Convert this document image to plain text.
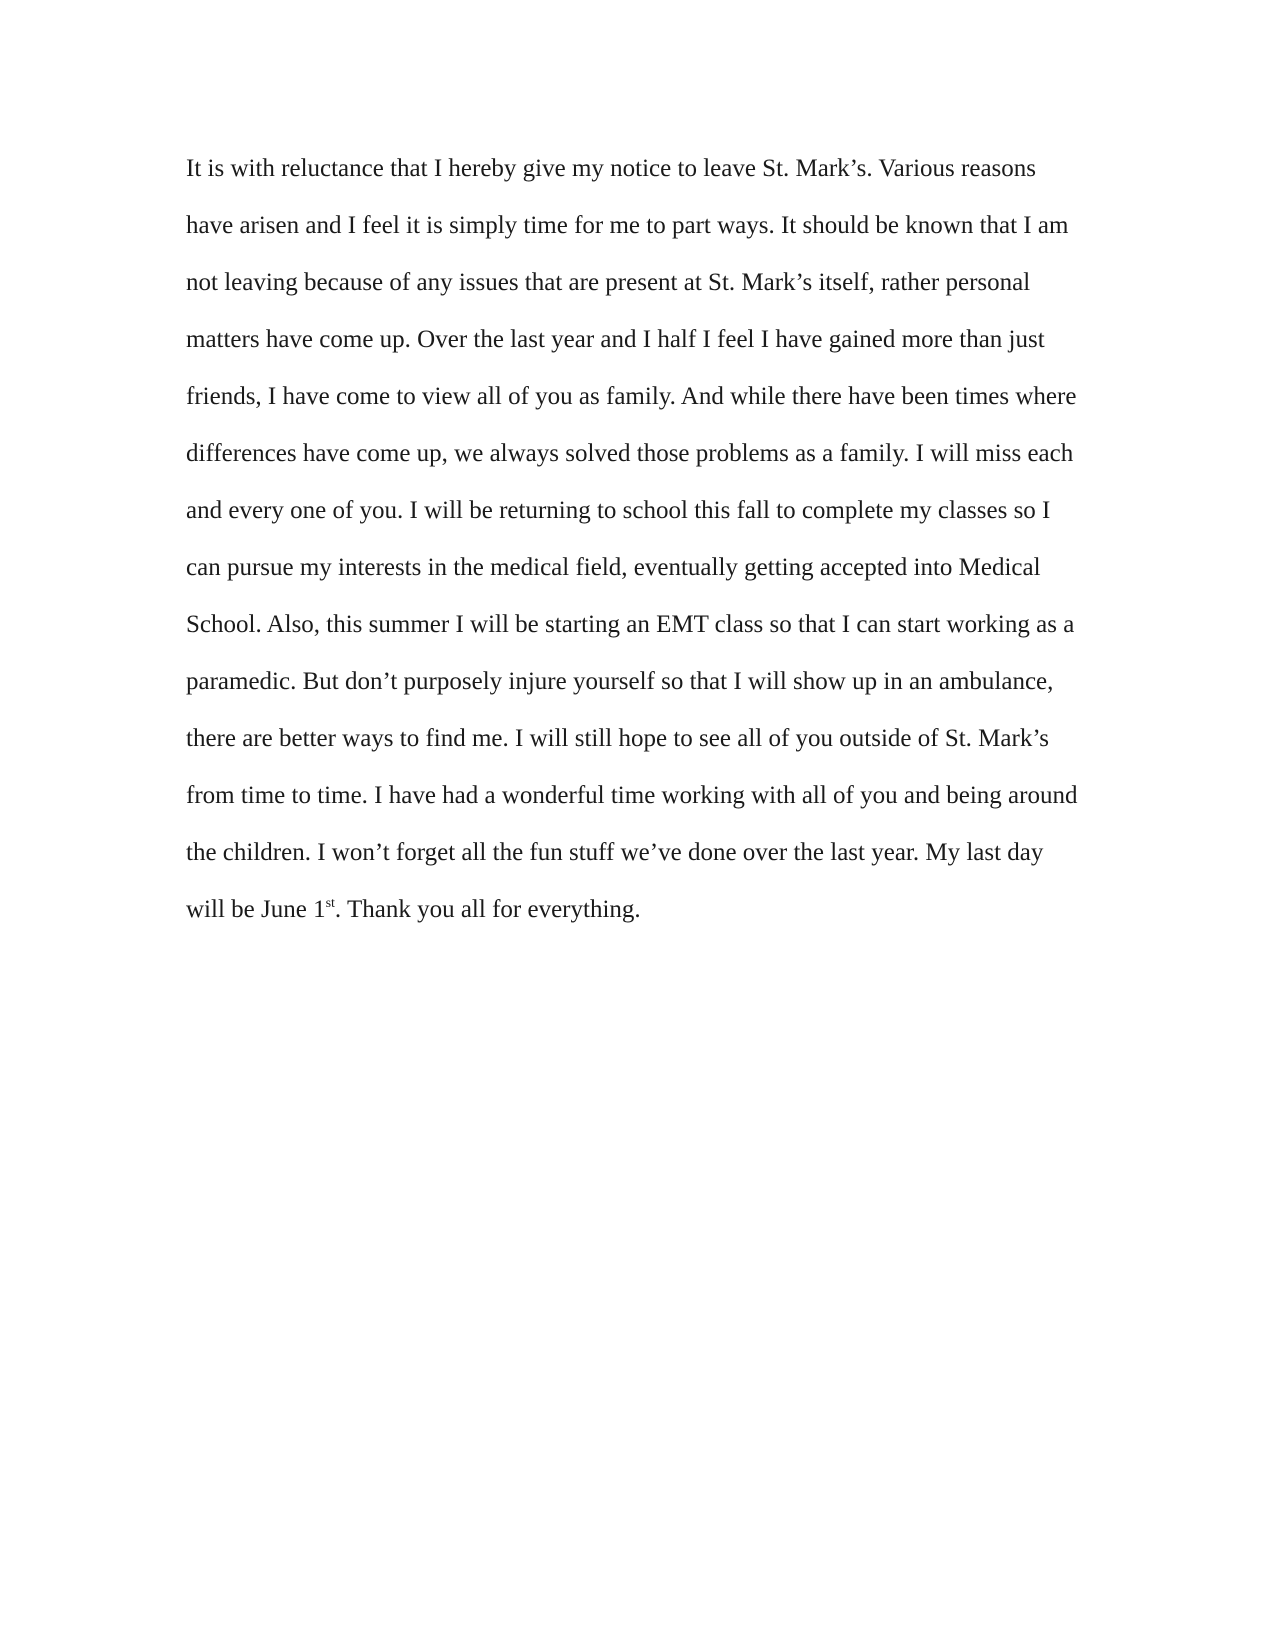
It is with reluctance that I hereby give my notice to leave St. Mark’s. Various reasons
have arisen and I feel it is simply time for me to part ways. It should be known that I am
not leaving because of any issues that are present at St. Mark’s itself, rather personal
matters have come up. Over the last year and I half I feel I have gained more than just
friends, I have come to view all of you as family. And while there have been times where
differences have come up, we always solved those problems as a family. I will miss each
and every one of you. I will be returning to school this fall to complete my classes so I
can pursue my interests in the medical field, eventually getting accepted into Medical
School. Also, this summer I will be starting an EMT class so that I can start working as a
paramedic. But don’t purposely injure yourself so that I will show up in an ambulance,
there are better ways to find me. I will still hope to see all of you outside of St. Mark’s
from time to time. I have had a wonderful time working with all of you and being around
the children. I won’t forget all the fun stuff we’ve done over the last year. My last day
will be June 1st. Thank you all for everything.
